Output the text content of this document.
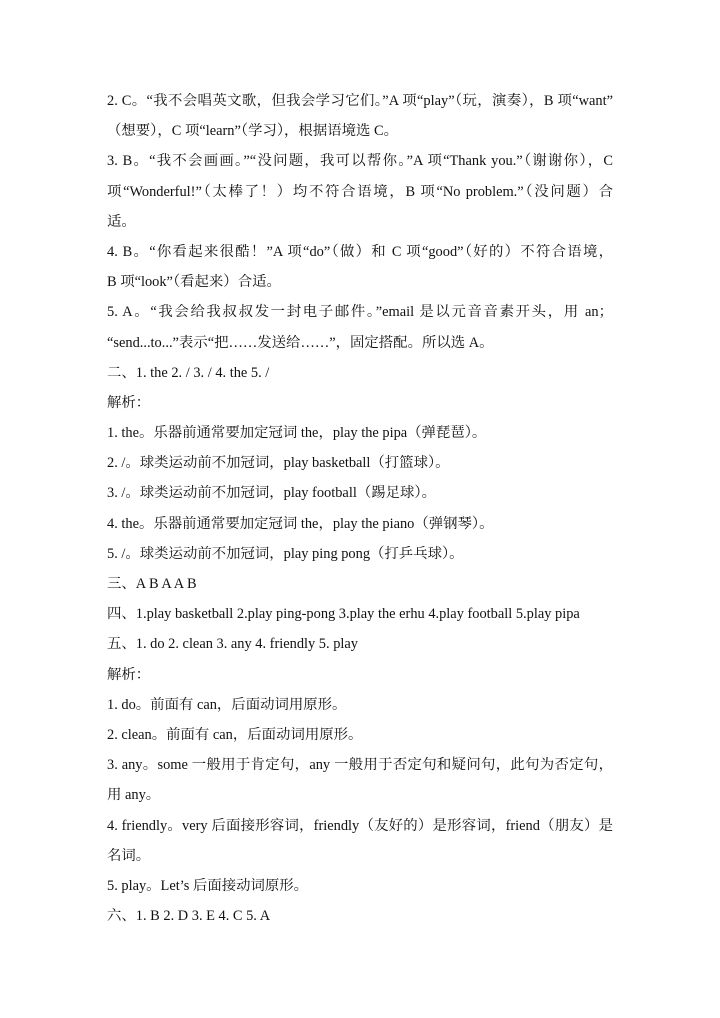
2. C。“我不会唱英文歌，但我会学习它们。”A 项“play”（玩，演奏），B 项“want”
（想要），C 项“learn”（学习），根据语境选 C。
3. B。“我不会画画。”“没问题，我可以帮你。”A 项“Thank you.”（谢谢你），C
项“Wonderful!”（太棒了！）均不符合语境，B 项“No problem.”（没问题）合
适。
4. B。“你看起来很酷！”A 项“do”（做）和 C 项“good”（好的）不符合语境，
B 项“look”（看起来）合适。
5. A。“我会给我叔叔发一封电子邮件。”email 是以元音音素开头，用 an；
“send...to...”表示“把……发送给……”，固定搭配。所以选 A。
二、1. the 2. / 3. / 4. the 5. /
解析：
1. the。乐器前通常要加定冠词 the，play the pipa（弹琵琶）。
2. /。球类运动前不加冠词，play basketball（打篮球）。
3. /。球类运动前不加冠词，play football（踢足球）。
4. the。乐器前通常要加定冠词 the，play the piano（弹钢琴）。
5. /。球类运动前不加冠词，play ping pong（打乒乓球）。
三、A B A A B
四、1.play basketball 2.play ping-pong 3.play the erhu 4.play football 5.play pipa
五、1. do 2. clean 3. any 4. friendly 5. play
解析：
1. do。前面有 can，后面动词用原形。
2. clean。前面有 can，后面动词用原形。
3. any。some 一般用于肯定句，any 一般用于否定句和疑问句，此句为否定句，
用 any。
4. friendly。very 后面接形容词，friendly（友好的）是形容词，friend（朋友）是
名词。
5. play。Let’s 后面接动词原形。
六、1. B 2. D 3. E 4. C 5. A
